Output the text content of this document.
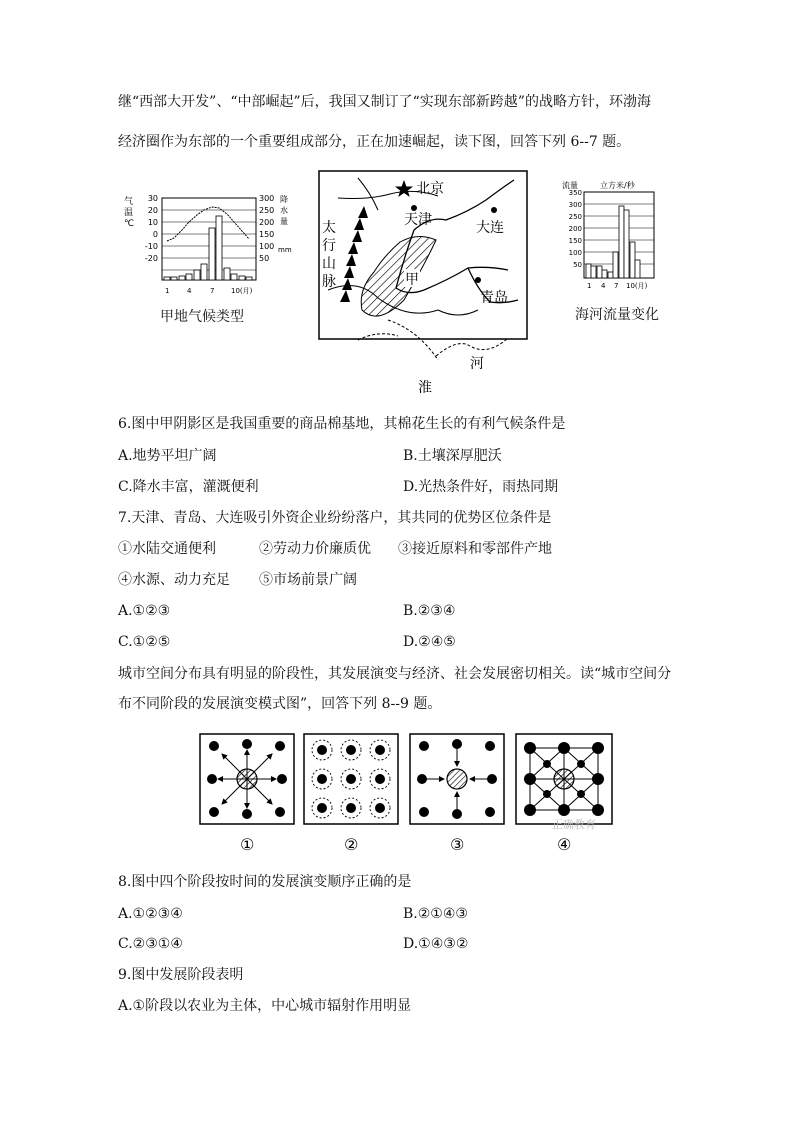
继“西部大开发”、“中部崛起”后，我国又制订了“实现东部新跨越”的战略方针，环渤海
经济圈作为东部的一个重要组成部分，正在加速崛起，读下图，回答下列 6--7 题。
气
温
℃
降
水
量
mm
30
20
10
0
-10
-20
300
250
200
150
100
50
1	4	7 10(月)
甲地气候类型
甲
北京
天津	大连
青岛
太行山脉
河
淮
流量	立方米/秒
350
300
250
200
150
100
50
1 4 7 10(月)
海河流量变化
6.图中甲阴影区是我国重要的商品棉基地，其棉花生长的有利气候条件是
A.地势平坦广阔	B.土壤深厚肥沃
C.降水丰富，灌溉便利	D.光热条件好，雨热同期
7.天津、青岛、大连吸引外资企业纷纷落户，其共同的优势区位条件是
①水陆交通便利	②劳动力价廉质优 ③接近原料和零部件产地
④水源、动力充足 ⑤市场前景广阔
A.①②③	B.②③④
C.①②⑤	D.②④⑤
城市空间分布具有明显的阶段性，其发展演变与经济、社会发展密切相关。读“城市空间分
布不同阶段的发展演变模式图”，回答下列 8--9 题。
正确教育
①	②	③	④
8.图中四个阶段按时间的发展演变顺序正确的是
A.①②③④	B.②①④③
C.②③①④	D.①④③②
9.图中发展阶段表明
A.①阶段以农业为主体，中心城市辐射作用明显
